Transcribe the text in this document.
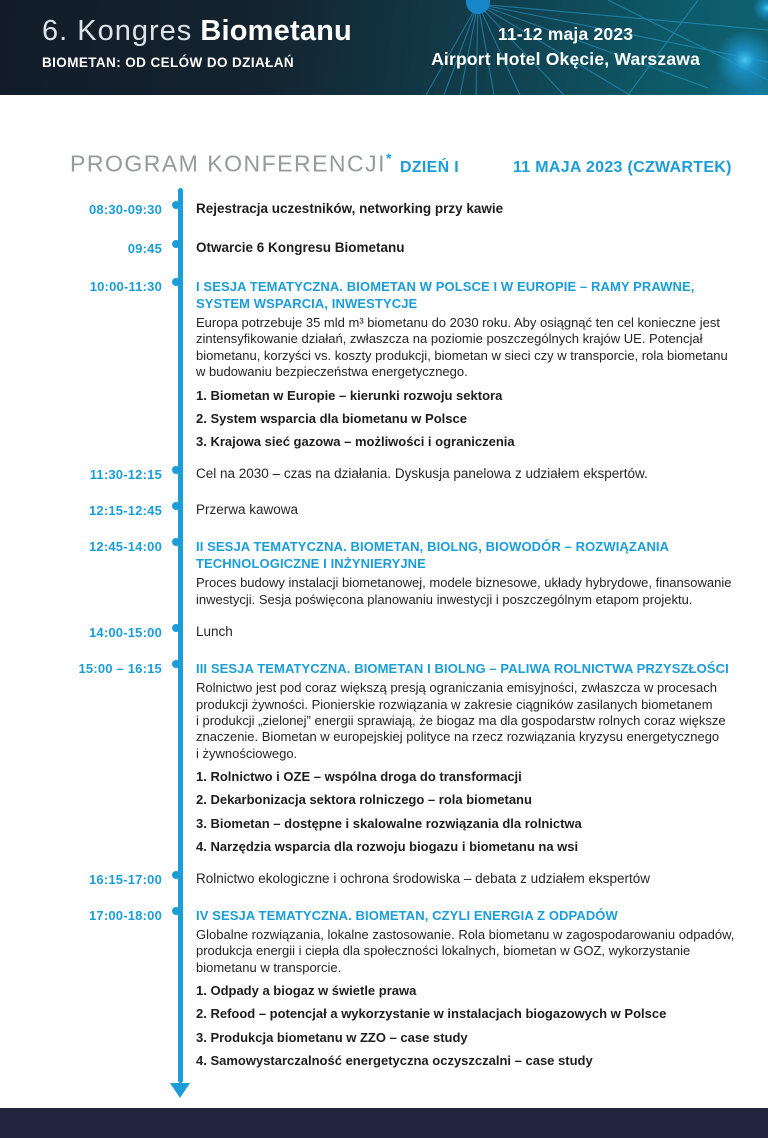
6. Kongres Biometanu
BIOMETAN: OD CELÓW DO DZIAŁAŃ
11-12 maja 2023
Airport Hotel Okęcie, Warszawa
PROGRAM KONFERENCJI*
DZIEŃ I	11 MAJA 2023 (CZWARTEK)
08:30-09:30	Rejestracja uczestników, networking przy kawie
09:45	Otwarcie 6 Kongresu Biometanu
10:00-11:30	I SESJA TEMATYCZNA. BIOMETAN W POLSCE I W EUROPIE – RAMY PRAWNE, SYSTEM WSPARCIA, INWESTYCJE
Europa potrzebuje 35 mld m³ biometanu do 2030 roku. Aby osiągnąć ten cel konieczne jest zintensyfikowanie działań, zwłaszcza na poziomie poszczególnych krajów UE. Potencjał biometanu, korzyści vs. koszty produkcji, biometan w sieci czy w transporcie, rola biometanu w budowaniu bezpieczeństwa energetycznego.
1. Biometan w Europie – kierunki rozwoju sektora
2. System wsparcia dla biometanu w Polsce
3. Krajowa sieć gazowa – możliwości i ograniczenia
11:30-12:15	Cel na 2030 – czas na działania. Dyskusja panelowa z udziałem ekspertów.
12:15-12:45	Przerwa kawowa
12:45-14:00	II SESJA TEMATYCZNA. BIOMETAN, BIOLNG, BIOWODÓR – ROZWIĄZANIA TECHNOLOGICZNE I INŻYNIERYJNE
Proces budowy instalacji biometanowej, modele biznesowe, układy hybrydowe, finansowanie inwestycji. Sesja poświęcona planowaniu inwestycji i poszczególnym etapom projektu.
14:00-15:00	Lunch
15:00 – 16:15	III SESJA TEMATYCZNA. BIOMETAN I BIOLNG – PALIWA ROLNICTWA PRZYSZŁOŚCI
Rolnictwo jest pod coraz większą presją ograniczania emisyjności, zwłaszcza w procesach produkcji żywności. Pionierskie rozwiązania w zakresie ciągników zasilanych biometanem i produkcji „zielonej” energii sprawiają, że biogaz ma dla gospodarstw rolnych coraz większe znaczenie. Biometan w europejskiej polityce na rzecz rozwiązania kryzysu energetycznego i żywnościowego.
1. Rolnictwo i OZE – wspólna droga do transformacji
2. Dekarbonizacja sektora rolniczego – rola biometanu
3. Biometan – dostępne i skalowalne rozwiązania dla rolnictwa
4. Narzędzia wsparcia dla rozwoju biogazu i biometanu na wsi
16:15-17:00	Rolnictwo ekologiczne i ochrona środowiska – debata z udziałem ekspertów
17:00-18:00	IV SESJA TEMATYCZNA. BIOMETAN, CZYLI ENERGIA Z ODPADÓW
Globalne rozwiązania, lokalne zastosowanie. Rola biometanu w zagospodarowaniu odpadów, produkcja energii i ciepła dla społeczności lokalnych, biometan w GOZ, wykorzystanie biometanu w transporcie.
1. Odpady a biogaz w świetle prawa
2. Refood – potencjał a wykorzystanie w instalacjach biogazowych w Polsce
3. Produkcja biometanu w ZZO – case study
4. Samowystarczalność energetyczna oczyszczalni – case study
